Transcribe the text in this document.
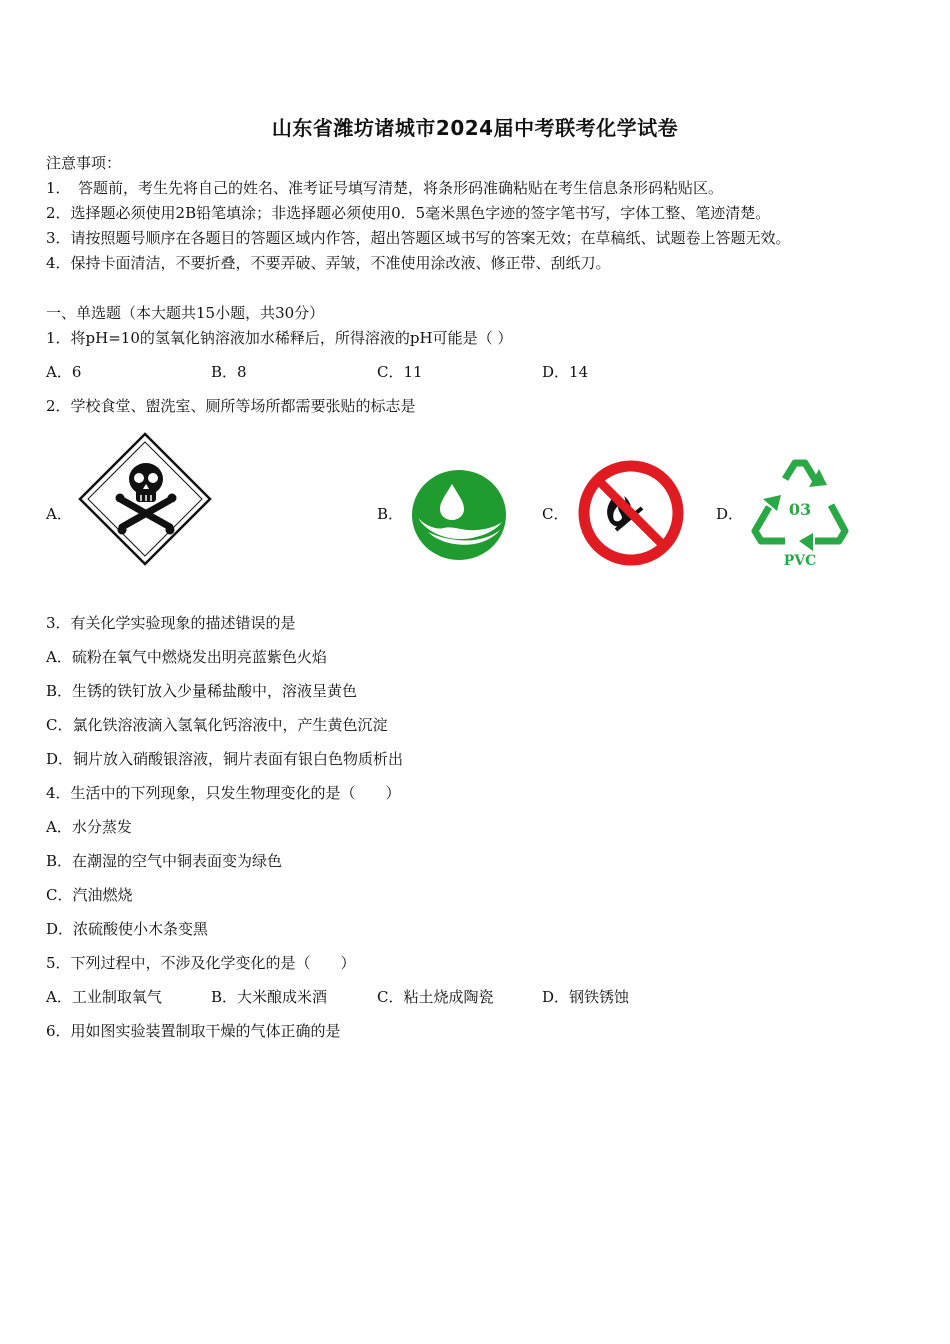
山东省潍坊诸城市2024届中考联考化学试卷
注意事项：
1．　答题前，考生先将自己的姓名、准考证号填写清楚，将条形码准确粘贴在考生信息条形码粘贴区。
2．选择题必须使用2B铅笔填涂；非选择题必须使用0．5毫米黑色字迹的签字笔书写，字体工整、笔迹清楚。
3．请按照题号顺序在各题目的答题区域内作答，超出答题区域书写的答案无效；在草稿纸、试题卷上答题无效。
4．保持卡面清洁，不要折叠，不要弄破、弄皱，不准使用涂改液、修正带、刮纸刀。
一、单选题（本大题共15小题，共30分）
1．将pH=10的氢氧化钠溶液加水稀释后，所得溶液的pH可能是（ ）
A．6	B．8	C．11	D．14
2．学校食堂、盥洗室、厕所等场所都需要张贴的标志是
A．	B．	C．	D．	03
PVC
3．有关化学实验现象的描述错误的是
A．硫粉在氧气中燃烧发出明亮蓝紫色火焰
B．生锈的铁钉放入少量稀盐酸中，溶液呈黄色
C．氯化铁溶液滴入氢氧化钙溶液中，产生黄色沉淀
D．铜片放入硝酸银溶液，铜片表面有银白色物质析出
4．生活中的下列现象，只发生物理变化的是（　　）
A．水分蒸发
B．在潮湿的空气中铜表面变为绿色
C．汽油燃烧
D．浓硫酸使小木条变黑
5．下列过程中，不涉及化学变化的是（　　）
A．工业制取氧气	B．大米酿成米酒	C．粘土烧成陶瓷	D．钢铁锈蚀
6．用如图实验装置制取干燥的气体正确的是
